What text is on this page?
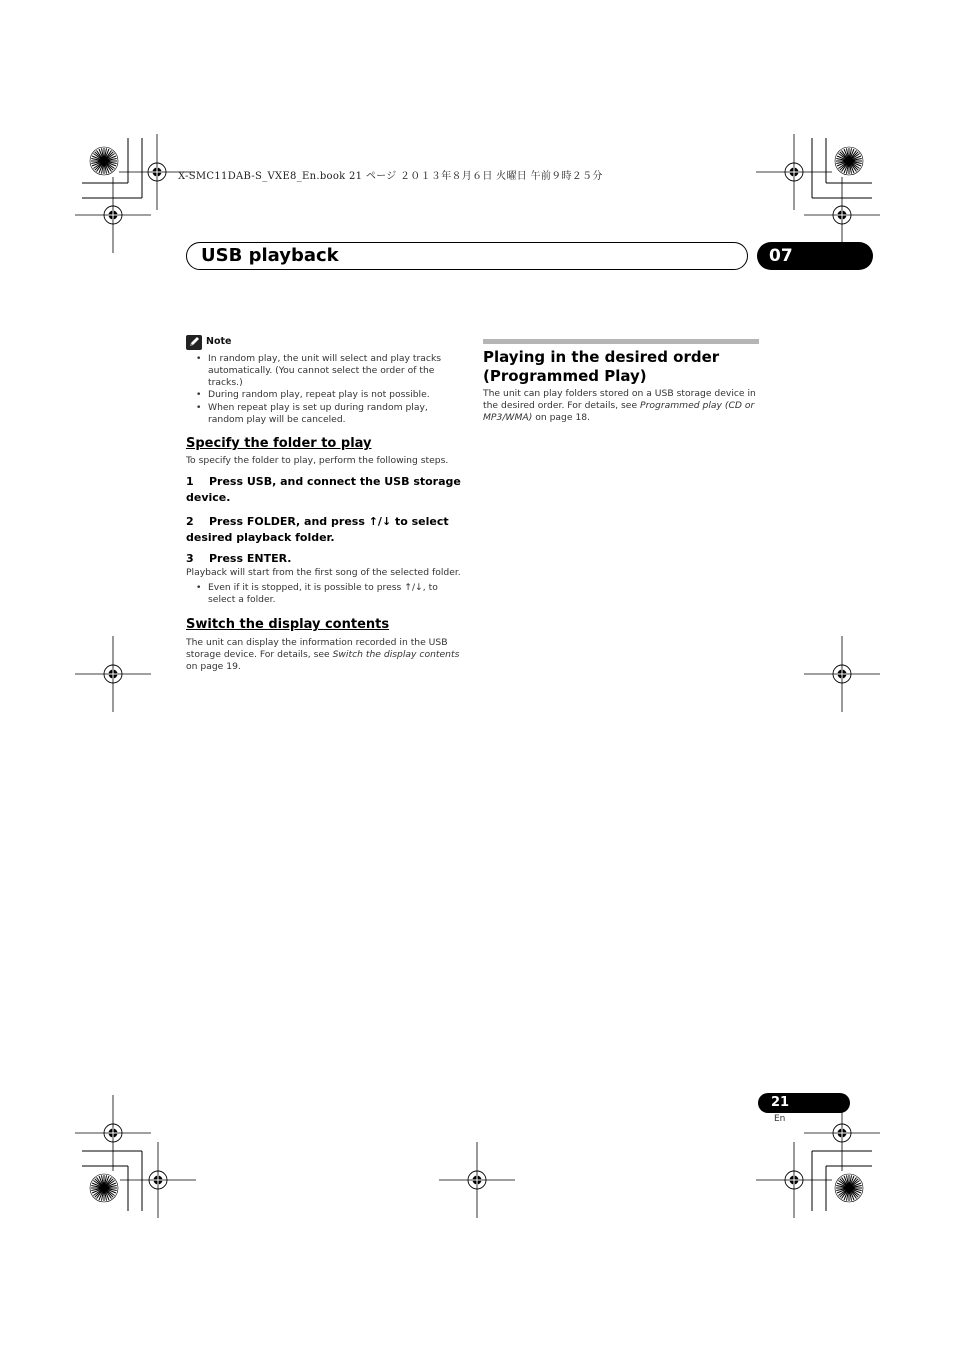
X-SMC11DAB-S_VXE8_En.book 21 ページ ２０１３年８月６日 火曜日 午前９時２５分
USB playback	07
Note
• In random play, the unit will select and play tracks automatically. (You cannot select the order of the tracks.)
• During random play, repeat play is not possible.
• When repeat play is set up during random play, random play will be canceled.
Specify the folder to play
To specify the folder to play, perform the following steps.
1 Press USB, and connect the USB storage device.
2 Press FOLDER, and press ↑/↓ to select desired playback folder.
3 Press ENTER.
Playback will start from the first song of the selected folder.
• Even if it is stopped, it is possible to press ↑/↓, to select a folder.
Switch the display contents
The unit can display the information recorded in the USB storage device. For details, see Switch the display contents on page 19.
Playing in the desired order (Programmed Play)
The unit can play folders stored on a USB storage device in the desired order. For details, see Programmed play (CD or MP3/WMA) on page 18.
21
En
